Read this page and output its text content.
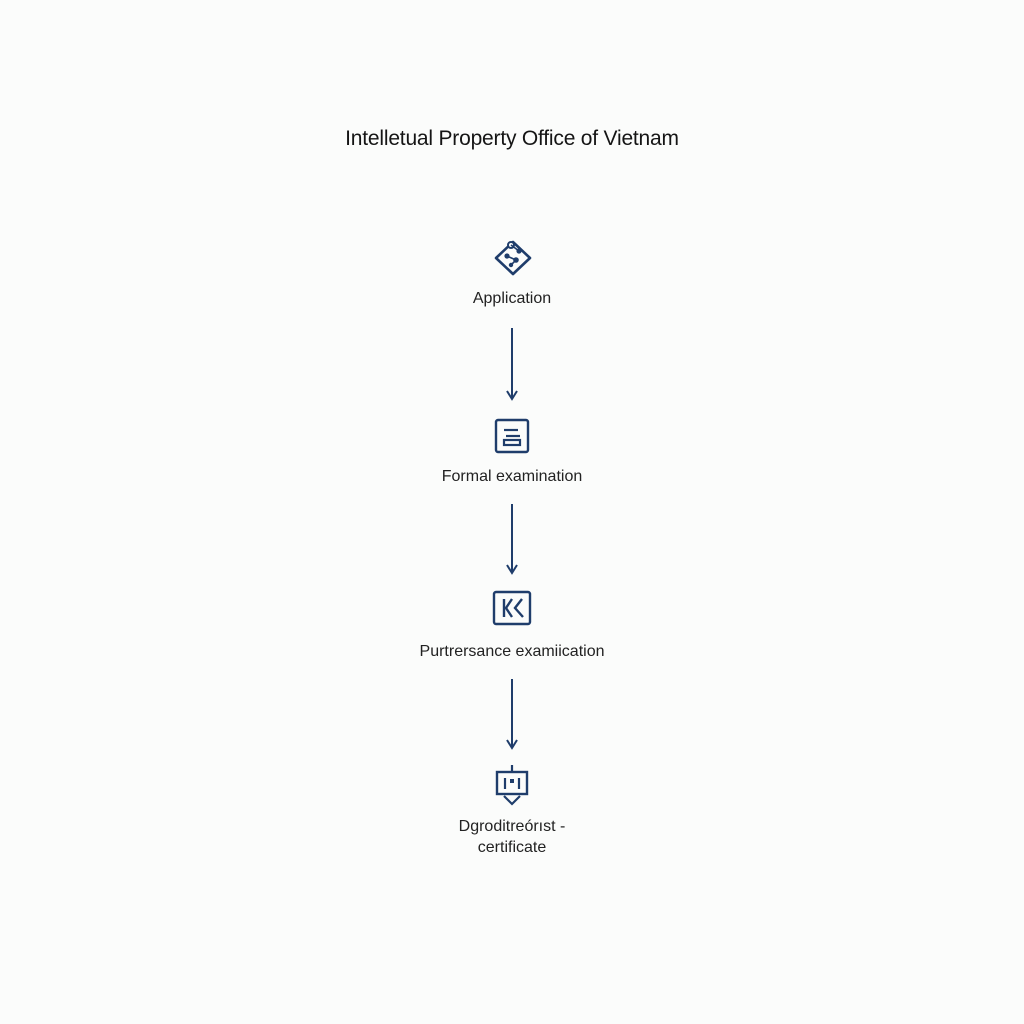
Intelletual Property Office of Vietnam
Application
Formal examination
Purtrersance examiication
Dgroditreórıst -
certificate
